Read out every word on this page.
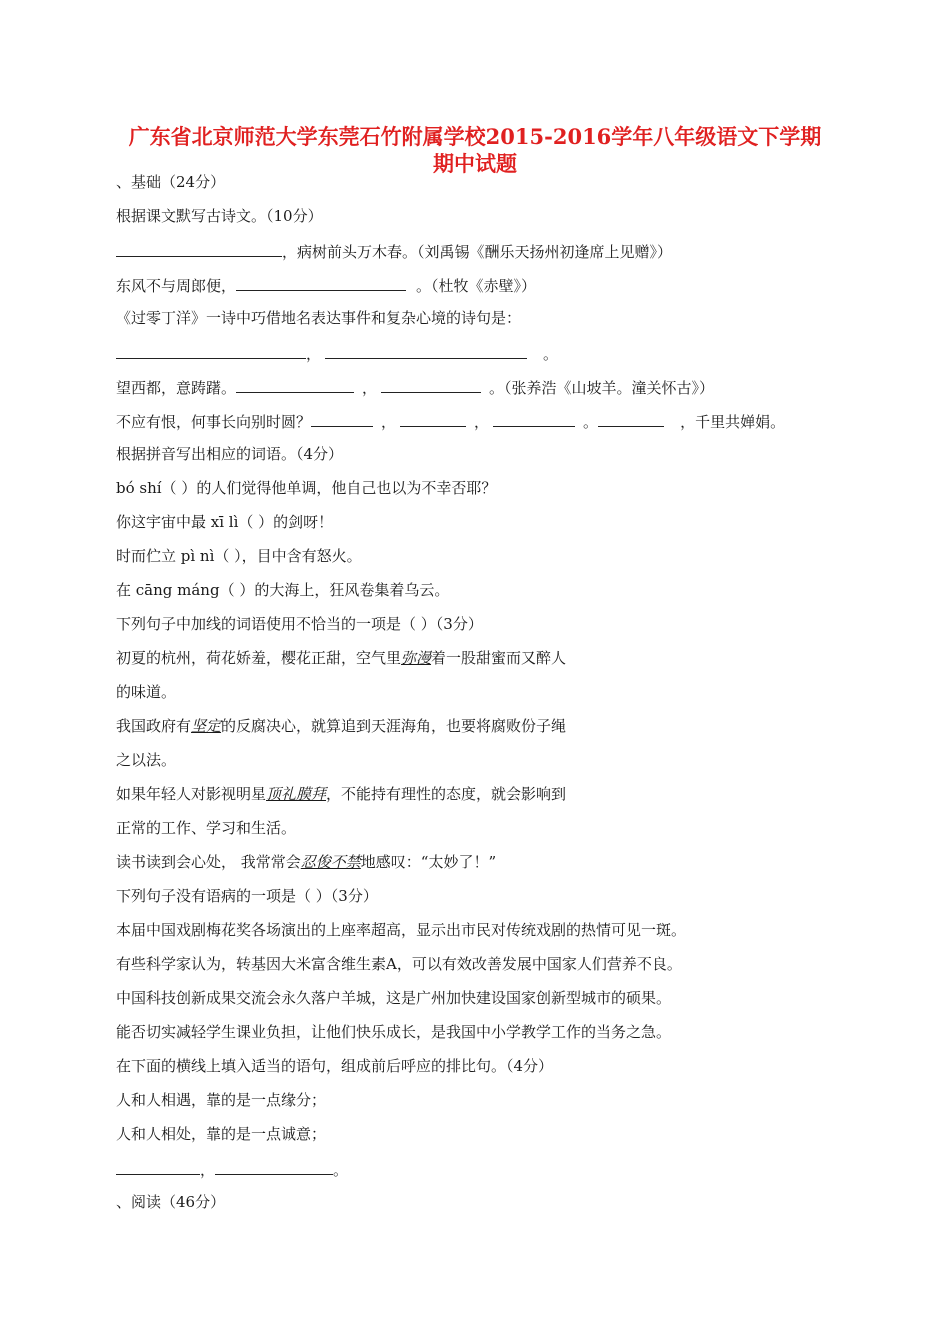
广东省北京师范大学东莞石竹附属学校2015-2016学年八年级语文下学期
期中试题
、基础（24分）
根据课文默写古诗文。（10分）
，病树前头万木春。（刘禹锡《酬乐天扬州初逢席上见赠》）
东风不与周郎便，	。（杜牧《赤壁》）
《过零丁洋》一诗中巧借地名表达事件和复杂心境的诗句是：
，	。
望西都，意踌躇。	，	。（张养浩《山坡羊。潼关怀古》）
不应有恨，何事长向别时圆？	，	，	。	，千里共婵娟。
根据拼音写出相应的词语。（4分）
bó shí（ ）的人们觉得他单调，他自己也以为不幸否耶？
你这宇宙中最 xī lì（ ）的剑呀！
时而伫立 pì nì（ ），目中含有怒火。
在 cāng máng（ ）的大海上，狂风卷集着乌云。
下列句子中加线的词语使用不恰当的一项是（ ）（3分）
初夏的杭州，荷花娇羞，樱花正甜，空气里弥漫着一股甜蜜而又醉人
的味道。
我国政府有坚定的反腐决心，就算追到天涯海角，也要将腐败份子绳
之以法。
如果年轻人对影视明星顶礼膜拜，不能持有理性的态度，就会影响到
正常的工作、学习和生活。
读书读到会心处， 我常常会忍俊不禁地感叹：“太妙了！”
下列句子没有语病的一项是（ ）（3分）
本届中国戏剧梅花奖各场演出的上座率超高，显示出市民对传统戏剧的热情可见一斑。
有些科学家认为，转基因大米富含维生素A，可以有效改善发展中国家人们营养不良。
中国科技创新成果交流会永久落户羊城，这是广州加快建设国家创新型城市的硕果。
能否切实减轻学生课业负担，让他们快乐成长，是我国中小学教学工作的当务之急。
在下面的横线上填入适当的语句，组成前后呼应的排比句。（4分）
人和人相遇，靠的是一点缘分；
人和人相处，靠的是一点诚意；
，	。
、阅读（46分）
